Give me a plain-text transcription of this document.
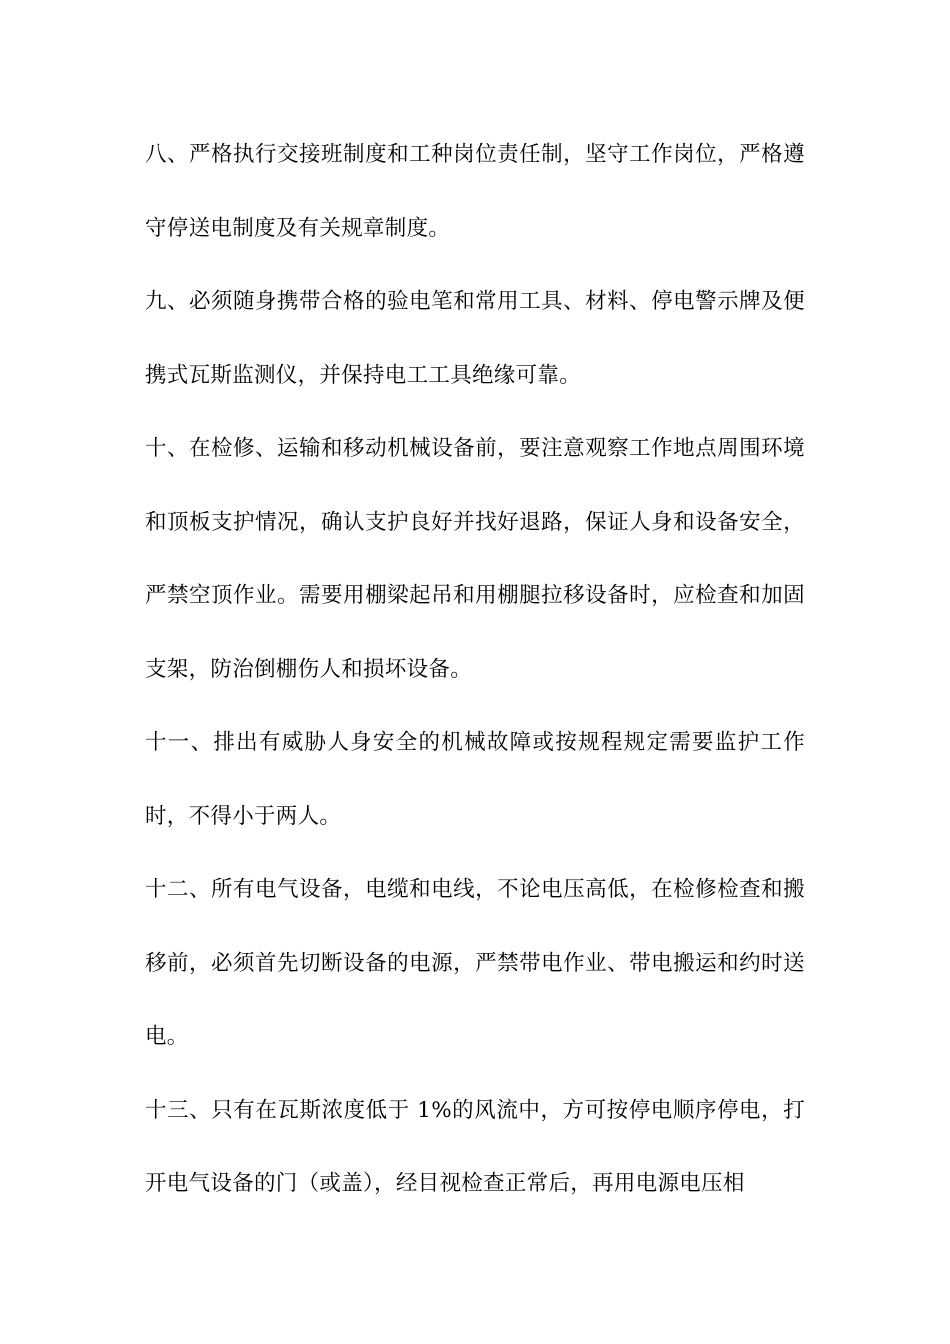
八、严格执行交接班制度和工种岗位责任制，坚守工作岗位，严格遵守停送电制度及有关规章制度。

九、必须随身携带合格的验电笔和常用工具、材料、停电警示牌及便携式瓦斯监测仪，并保持电工工具绝缘可靠。

十、在检修、运输和移动机械设备前，要注意观察工作地点周围环境和顶板支护情况，确认支护良好并找好退路，保证人身和设备安全，严禁空顶作业。需要用棚梁起吊和用棚腿拉移设备时，应检查和加固支架，防治倒棚伤人和损坏设备。

十一、排出有威胁人身安全的机械故障或按规程规定需要监护工作时，不得小于两人。

十二、所有电气设备，电缆和电线，不论电压高低，在检修检查和搬移前，必须首先切断设备的电源，严禁带电作业、带电搬运和约时送电。

十三、只有在瓦斯浓度低于 1%的风流中，方可按停电顺序停电，打开电气设备的门（或盖），经目视检查正常后，再用电源电压相
